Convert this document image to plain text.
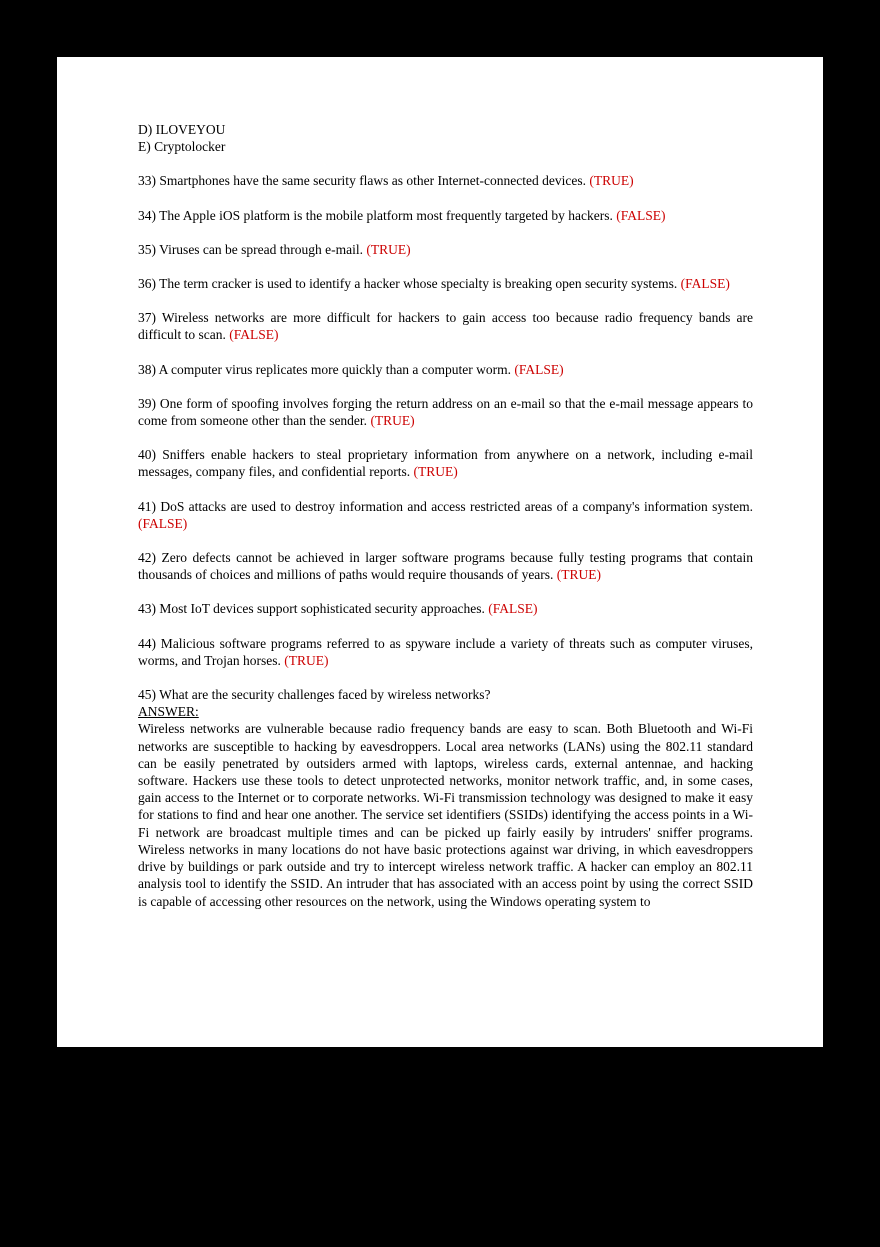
D) ILOVEYOU
E) Cryptolocker

33) Smartphones have the same security flaws as other Internet-connected devices. (TRUE)

34) The Apple iOS platform is the mobile platform most frequently targeted by hackers. (FALSE)

35) Viruses can be spread through e-mail. (TRUE)

36) The term cracker is used to identify a hacker whose specialty is breaking open security systems. (FALSE)

37) Wireless networks are more difficult for hackers to gain access too because radio frequency bands are difficult to scan. (FALSE)

38) A computer virus replicates more quickly than a computer worm. (FALSE)

39) One form of spoofing involves forging the return address on an e-mail so that the e-mail message appears to come from someone other than the sender. (TRUE)

40) Sniffers enable hackers to steal proprietary information from anywhere on a network, including e-mail messages, company files, and confidential reports. (TRUE)

41) DoS attacks are used to destroy information and access restricted areas of a company's information system. (FALSE)

42) Zero defects cannot be achieved in larger software programs because fully testing programs that contain thousands of choices and millions of paths would require thousands of years. (TRUE)

43) Most IoT devices support sophisticated security approaches. (FALSE)

44) Malicious software programs referred to as spyware include a variety of threats such as computer viruses, worms, and Trojan horses. (TRUE)

45) What are the security challenges faced by wireless networks?

ANSWER:

Wireless networks are vulnerable because radio frequency bands are easy to scan. Both Bluetooth and Wi-Fi networks are susceptible to hacking by eavesdroppers. Local area networks (LANs) using the 802.11 standard can be easily penetrated by outsiders armed with laptops, wireless cards, external antennae, and hacking software. Hackers use these tools to detect unprotected networks, monitor network traffic, and, in some cases, gain access to the Internet or to corporate networks. Wi-Fi transmission technology was designed to make it easy for stations to find and hear one another. The service set identifiers (SSIDs) identifying the access points in a Wi-Fi network are broadcast multiple times and can be picked up fairly easily by intruders' sniffer programs. Wireless networks in many locations do not have basic protections against war driving, in which eavesdroppers drive by buildings or park outside and try to intercept wireless network traffic. A hacker can employ an 802.11 analysis tool to identify the SSID. An intruder that has associated with an access point by using the correct SSID is capable of accessing other resources on the network, using the Windows operating system to
